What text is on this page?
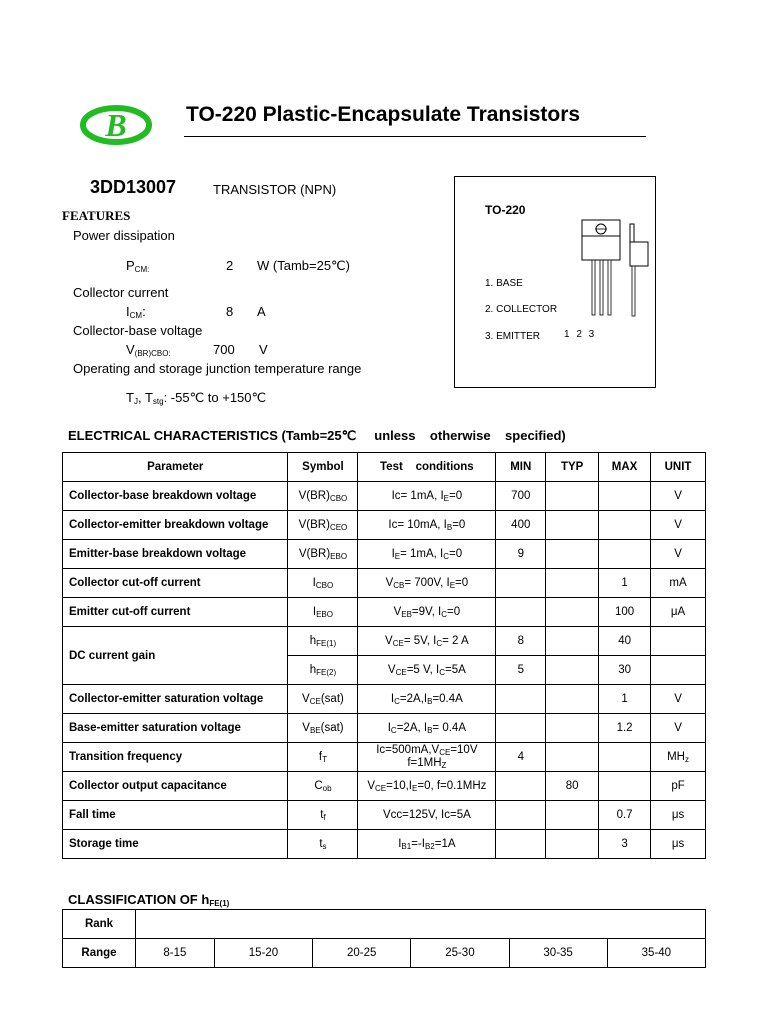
B	TO-220 Plastic-Encapsulate Transistors
3DD13007	TRANSISTOR (NPN)
FEATURES
Power dissipation
$P_{CM:}$	2 W (Tamb=25℃)
Collector current
$I_{CM}$:	8 A
Collector-base voltage
$V_{(BR)CBO:}$	700 V
Operating and storage junction temperature range
$T_J$, $T_{stg}$: -55℃ to +150℃
TO-220
1. BASE
2. COLLECTOR
3. EMITTER 1 2 3
ELECTRICAL CHARACTERISTICS (Tamb=25℃     unless    otherwise    specified)
Parameter	Symbol	Test    conditions	MIN	TYP	MAX	UNIT
Collector-base breakdown voltage	$V(BR)_{CBO}$	Ic= 1mA, $I_E=0$	700			V
Collector-emitter breakdown voltage	$V(BR)_{CEO}$	Ic= 10mA, $I_B=0$	400			V
Emitter-base breakdown voltage	$V(BR)_{EBO}$	$I_E= 1mA$, $I_C=0$	9			V
Collector cut-off current	$I_{CBO}$	$V_{CB}= 700V$, $I_E=0$			1	mA
Emitter cut-off current	$I_{EBO}$	$V_{EB}=9V$, $I_C=0$			100	μA
DC current gain	$h_{FE(1)}$	$V_{CE}= 5V$, $I_C= 2$ A	8		40	
	$h_{FE(2)}$	$V_{CE}=5$ V, $I_C=5A$	5		30	
Collector-emitter saturation voltage	$V_{CE}(sat)$	$I_C=2A,I_B=0.4A$			1	V
Base-emitter saturation voltage	$V_{BE}(sat)$	$I_C=2A$, $I_B= 0.4A$			1.2	V
Transition frequency	$f_T$	$Ic=500mA,V_{CE}=10V$
$f=1MH_Z$	4			$MH_z$
Collector output capacitance	$C_{ob}$	$V_{CE}=10,I_E=0$, f=0.1MHz		80		pF
Fall time	$t_f$	Vcc=125V, Ic=5A			0.7	μs
Storage time	$t_s$	$I_{B1}=-I_{B2}=1A$			3	μs
CLASSIFICATION OF $h_{FE(1)}$
Rank						
Range	8-15	15-20	20-25	25-30	30-35	35-40
